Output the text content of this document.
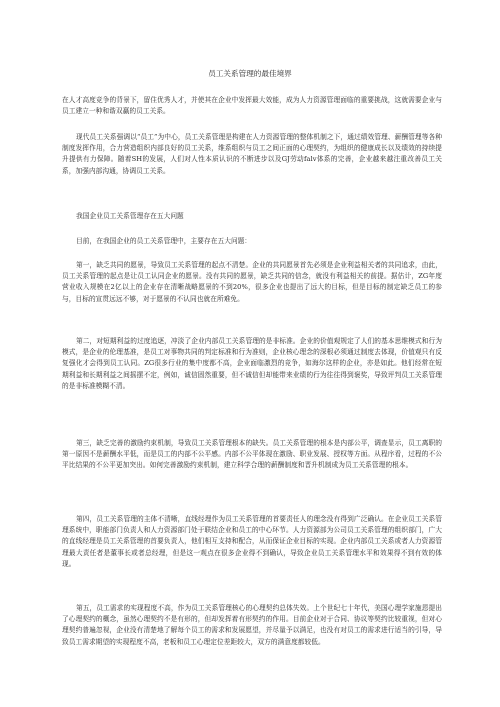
员工关系管理的最佳境界

在人才高度竞争的背景下，留住优秀人才，并使其在企业中发挥最大效能，成为人力资源管理面临的重要挑战，这就需要企业与员工建立一种和谐双赢的员工关系。

现代员工关系强调以“员工”为中心，员工关系管理是构建在人力资源管理的整体机制之下，通过绩效管理、薪酬管理等各种制度发挥作用，合力营造组织内部良好的员工关系，维系组织与员工之间正面的心理契约，为组织的健康成长以及绩效的持续提升提供有力保障。随着SH的发展，人们对人性本质认识的不断进步以及GJ劳动falv体系的完善，企业越来越注重改善员工关系，加强内部沟通，协调员工关系。

我国企业员工关系管理存在五大问题

目前，在我国企业的员工关系管理中，主要存在五大问题：

第一，缺乏共同的愿景，导致员工关系管理的起点不清楚。企业的共同愿景首先必须是企业利益相关者的共同追求，由此，员工关系管理的起点是让员工认同企业的愿景。没有共同的愿景，缺乏共同的信念，就没有利益相关的前提。据估计，ZG年度营业收入规模在2亿以上的企业存在清晰战略愿景的不到20%，很多企业也提出了远大的目标，但是目标的制定缺乏员工的参与，目标的宣贯远远不够，对于愿景的不认同也就在所难免。

第二，对短期利益的过度追逐，冲淡了企业内部员工关系管理的是非标准。企业的价值观规定了人们的基本思维模式和行为模式，是企业的伦理基准，是员工对事物共同的判定标准和行为准则，企业核心理念的深根必须通过制度去体现，价值观只有反复强化才会得到员工认同。ZG很多行业的集中度都不高，企业面临激烈的竞争，如海尔这样的企业，亦是如此。他们经常在短期利益和长期利益之间摇摆不定，例如，诚信固然重要，但不诚信但却能带来业绩的行为往往得到褒奖，导致评判员工关系管理的是非标准模糊不清。

第三，缺乏完善的激励约束机制，导致员工关系管理根本的缺失。员工关系管理的根本是内部公平，调查显示，员工离职的第一原因不是薪酬水平低，而是员工的内部不公平感。内部不公平体现在激励、职业发展、授权等方面。从程序看，过程的不公平比结果的不公平更加突出。如何完善激励约束机制，建立科学合理的薪酬制度和晋升机制成为员工关系管理的根本。

第四，员工关系管理的主体不清晰，直线经理作为员工关系管理的首要责任人的理念没有得到广泛确认。在企业员工关系管理系统中，职能部门负责人和人力资源部门处于联结企业和员工的中心环节。人力资源部为公司员工关系管理的组织部门，广大的直线经理是员工关系管理的首要负责人，他们相互支持和配合，从而保证企业目标的实现。企业内部员工关系或者人力资源管理最大责任者是董事长或者总经理，但是这一观点在很多企业得不到确认，导致企业员工关系管理水平和效果得不到有效的体现。

第五，员工需求的实现程度不高，作为员工关系管理核心的心理契约总体失效。上个世纪七十年代，美国心理学家施恩提出了心理契约的概念，虽然心理契约不是有形的，但却发挥着有形契约的作用。目前企业对于合同、协议等契约比较重视，但对心理契约普遍忽视，企业没有清楚地了解每个员工的需求和发展愿望，并尽量予以满足，也没有对员工的需求进行适当的引导，导致员工需求期望的实现程度不高，老板和员工心理定位差距较大，双方的满意度都较低。
